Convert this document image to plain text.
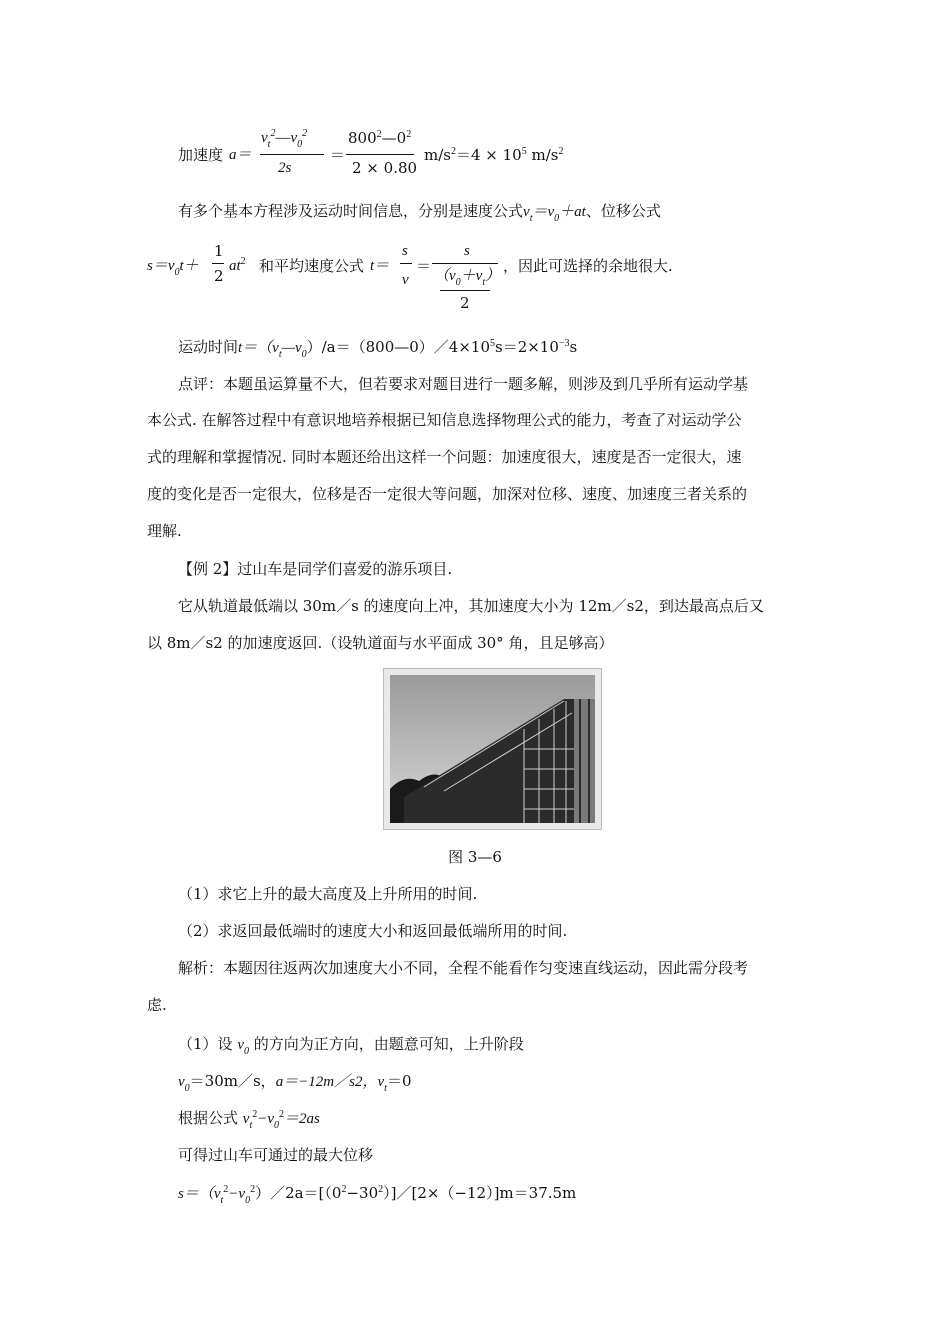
加速度 a＝
$v_t^2—v_0^2$
2s
＝
$800^2—0^2$
2 × 0.80
$m/s^2=4 \times 10^5$ $m/s^2$
有多个基本方程涉及运动时间信息，分别是速度公式$v_t=v_0+at$、位移公式
$s=v_0t+$
1
2
$at^2$ 和平均速度公式 t＝
s
v
＝
s
$(v_0+v_t)$
2
，因此可选择的余地很大.
运动时间$t=(v_t—v_0)/a=(800—0)/4\times 10^5s=2\times 10^{-3}s$
点评：本题虽运算量不大，但若要求对题目进行一题多解，则涉及到几乎所有运动学基
本公式. 在解答过程中有意识地培养根据已知信息选择物理公式的能力，考查了对运动学公
式的理解和掌握情况. 同时本题还给出这样一个问题：加速度很大，速度是否一定很大，速
度的变化是否一定很大，位移是否一定很大等问题，加深对位移、速度、加速度三者关系的
理解.
【例 2】过山车是同学们喜爱的游乐项目.
它从轨道最低端以 30m／s 的速度向上冲，其加速度大小为 12m／s2，到达最高点后又
以 8m／s2 的加速度返回.（设轨道面与水平面成 30° 角，且足够高）
图 3—6
（1）求它上升的最大高度及上升所用的时间.
（2）求返回最低端时的速度大小和返回最低端所用的时间.
解析：本题因往返两次加速度大小不同，全程不能看作匀变速直线运动，因此需分段考
虑.
（1）设 $v_0$ 的方向为正方向，由题意可知，上升阶段
$v_0=30m/s$，a＝−12m／s2，$v_t=0$
根据公式 $v_t^2-v_0^2=2as$
可得过山车可通过的最大位移
$s=(v_t^2-v_0^2)/2a=[(0^2-30^2)]/[2\times(-12)]m=37.5m$
